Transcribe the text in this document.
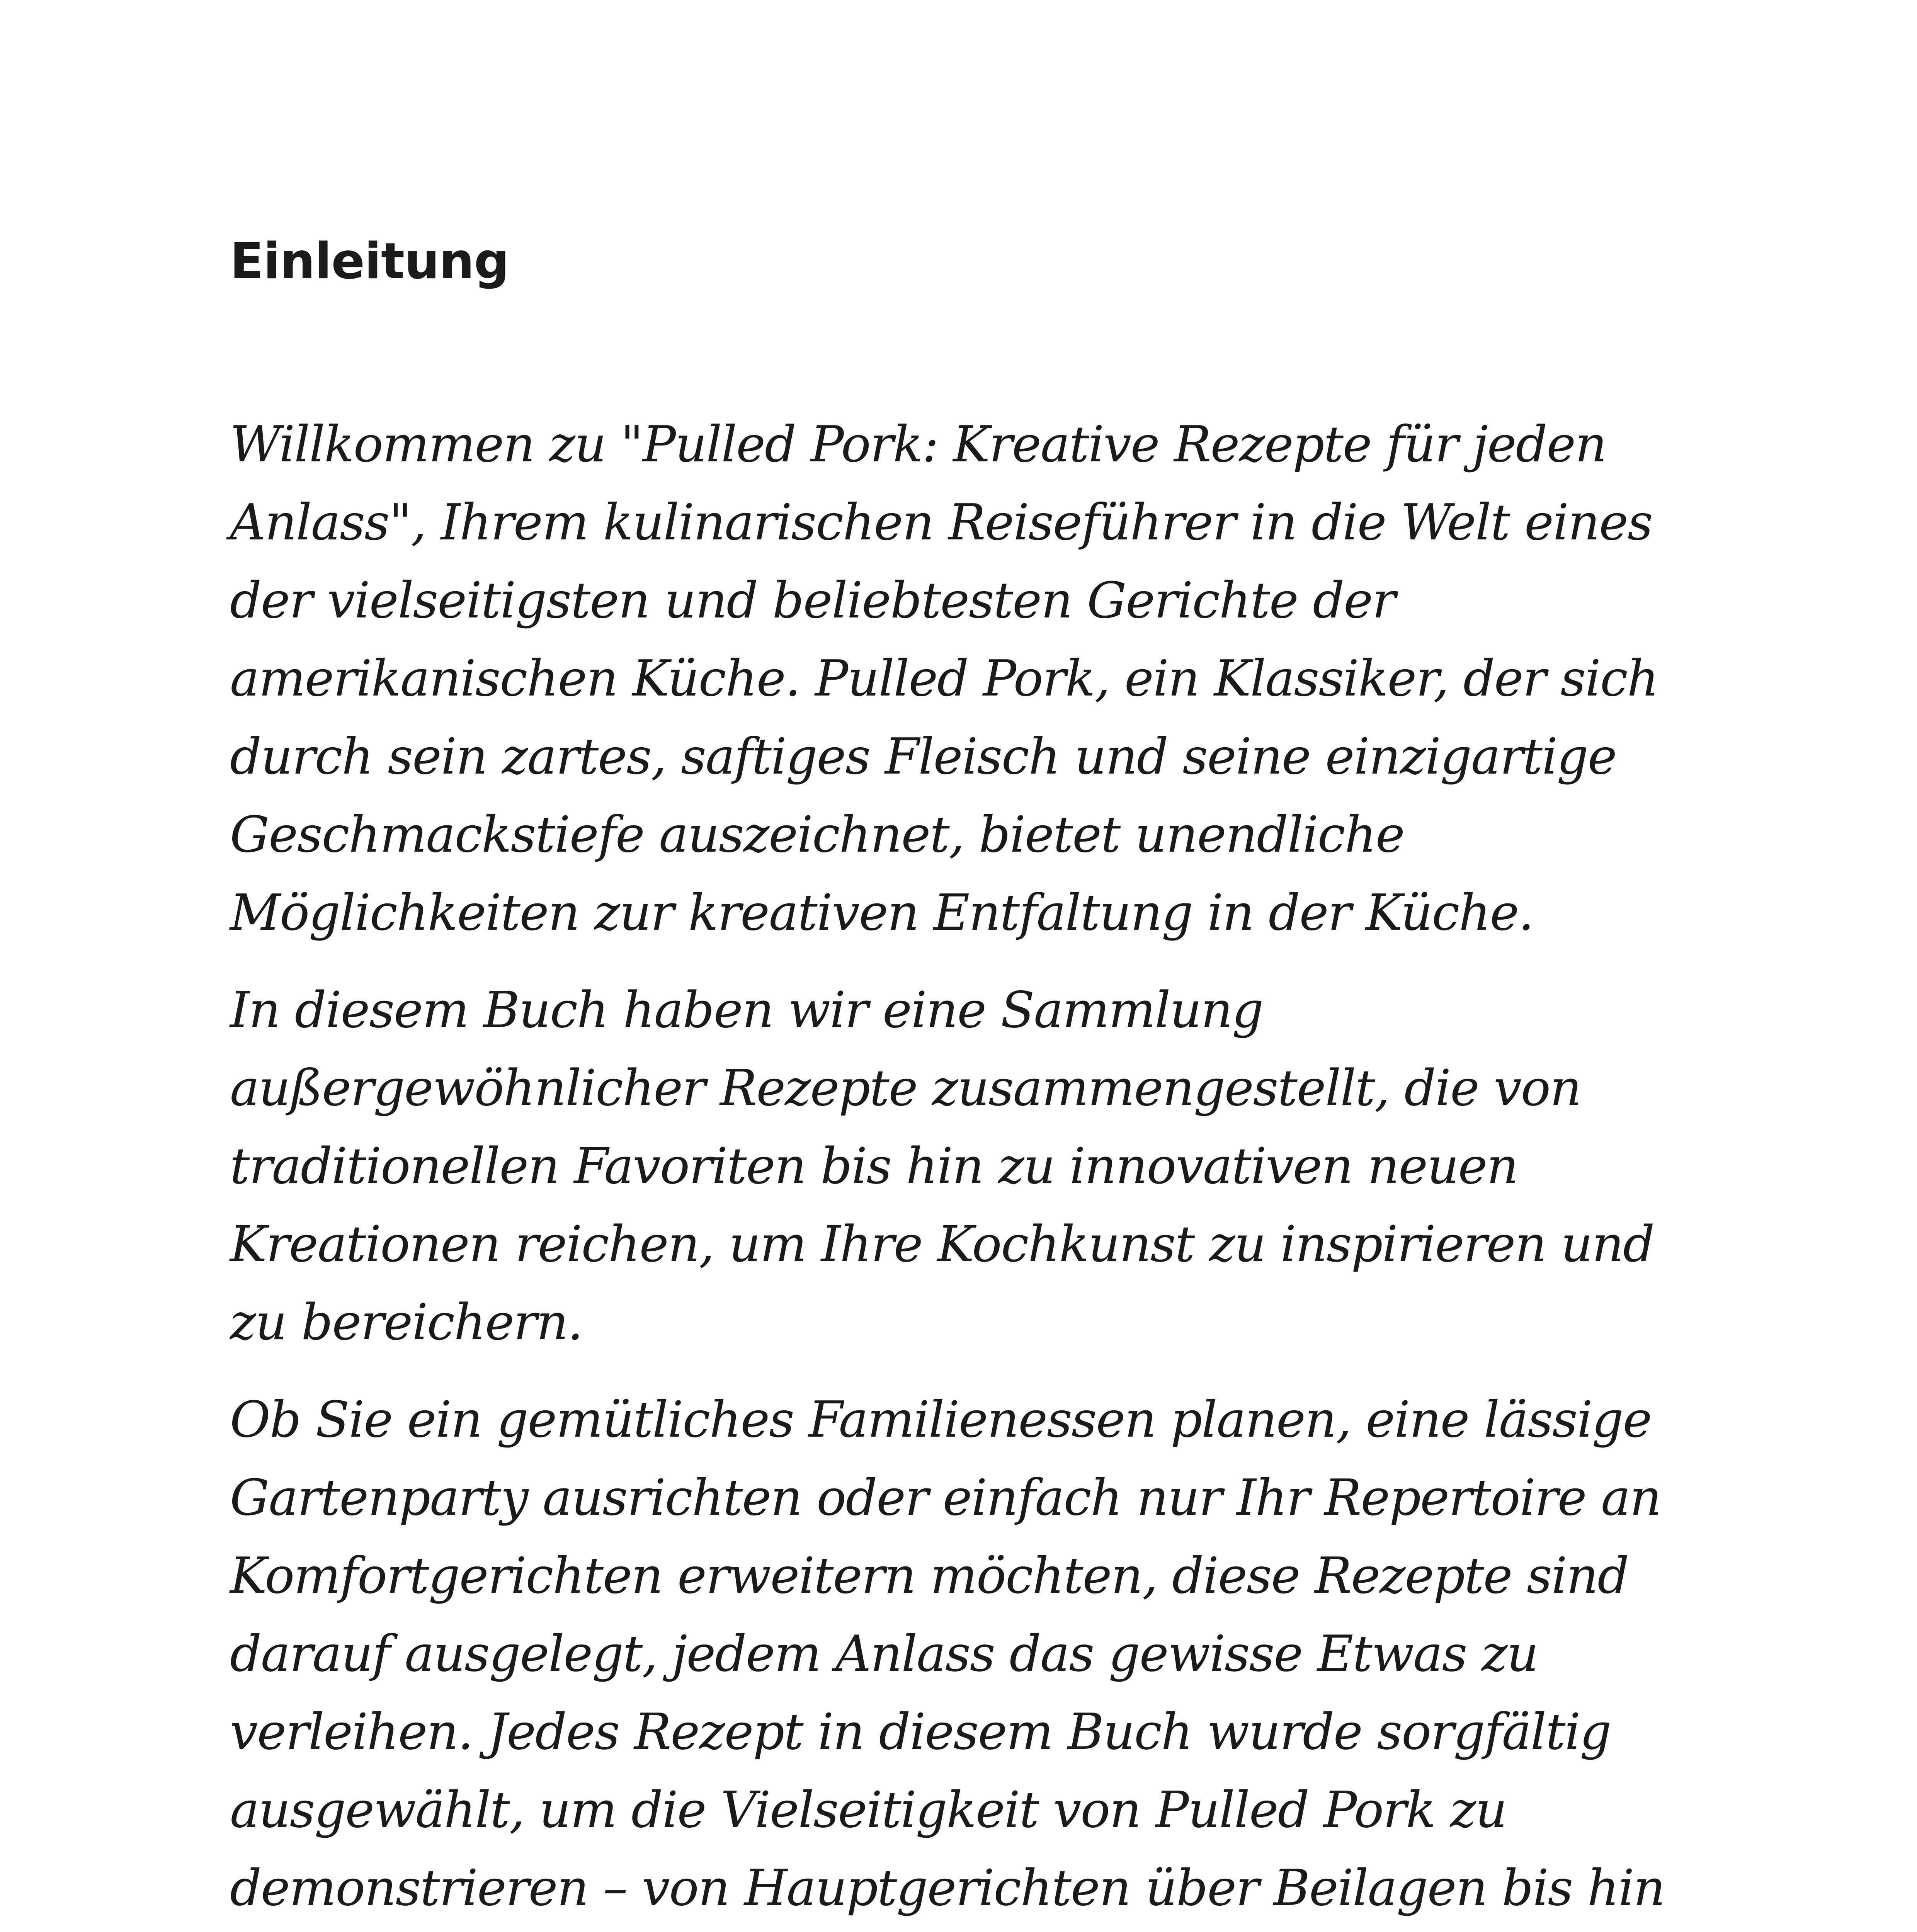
Einleitung

Willkommen zu "Pulled Pork: Kreative Rezepte für jeden Anlass", Ihrem kulinarischen Reiseführer in die Welt eines der vielseitigsten und beliebtesten Gerichte der amerikanischen Küche. Pulled Pork, ein Klassiker, der sich durch sein zartes, saftiges Fleisch und seine einzigartige Geschmackstiefe auszeichnet, bietet unendliche Möglichkeiten zur kreativen Entfaltung in der Küche.

In diesem Buch haben wir eine Sammlung außergewöhnlicher Rezepte zusammengestellt, die von traditionellen Favoriten bis hin zu innovativen neuen Kreationen reichen, um Ihre Kochkunst zu inspirieren und zu bereichern.

Ob Sie ein gemütliches Familienessen planen, eine lässige Gartenparty ausrichten oder einfach nur Ihr Repertoire an Komfortgerichten erweitern möchten, diese Rezepte sind darauf ausgelegt, jedem Anlass das gewisse Etwas zu verleihen. Jedes Rezept in diesem Buch wurde sorgfältig ausgewählt, um die Vielseitigkeit von Pulled Pork zu demonstrieren – von Hauptgerichten über Beilagen bis hin
